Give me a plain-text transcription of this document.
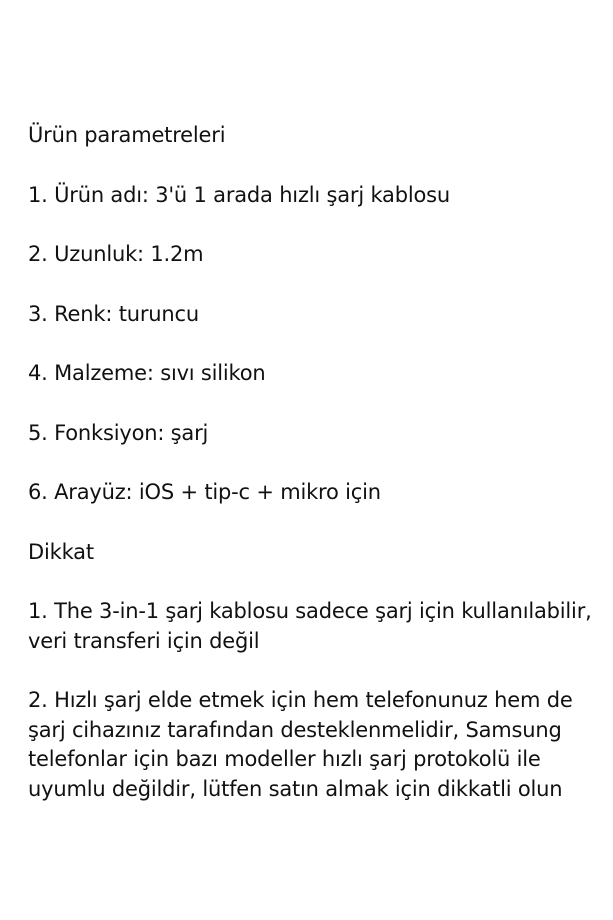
Ürün parametreleri

1. Ürün adı: 3'ü 1 arada hızlı şarj kablosu

2. Uzunluk: 1.2m

3. Renk: turuncu

4. Malzeme: sıvı silikon

5. Fonksiyon: şarj

6. Arayüz: iOS + tip-c + mikro için

Dikkat

1. The 3-in-1 şarj kablosu sadece şarj için kullanılabilir, veri transferi için değil

2. Hızlı şarj elde etmek için hem telefonunuz hem de şarj cihazınız tarafından desteklenmelidir, Samsung telefonlar için bazı modeller hızlı şarj protokolü ile uyumlu değildir, lütfen satın almak için dikkatli olun
